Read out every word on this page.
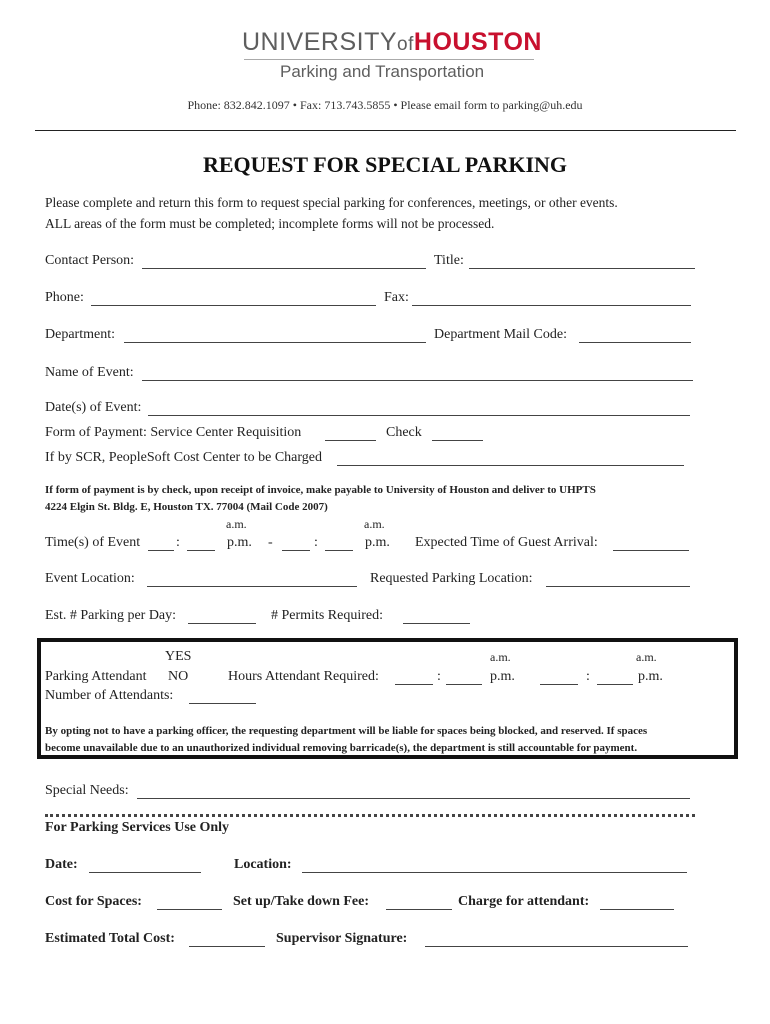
UNIVERSITYofHOUSTON
Parking and Transportation
Phone: 832.842.1097 • Fax: 713.743.5855 • Please email form to parking@uh.edu
REQUEST FOR SPECIAL PARKING
Please complete and return this form to request special parking for conferences, meetings, or other events.
ALL areas of the form must be completed; incomplete forms will not be processed.
Contact Person:	Title:
Phone:	Fax:
Department:	Department Mail Code:
Name of Event:
Date(s) of Event:
Form of Payment: Service Center Requisition	Check
If by SCR, PeopleSoft Cost Center to be Charged
If form of payment is by check, upon receipt of invoice, make payable to University of Houston and deliver to UHPTS
4224 Elgin St. Bldg. E, Houston TX. 77004 (Mail Code 2007)
a.m.	a.m.
Time(s) of Event	:	p.m. -	:	p.m. Expected Time of Guest Arrival:
Event Location:	Requested Parking Location:
Est. # Parking per Day:	# Permits Required:
YES	a.m.	a.m.
Parking Attendant NO	Hours Attendant Required:	:	p.m.	:	p.m.
Number of Attendants:
By opting not to have a parking officer, the requesting department will be liable for spaces being blocked, and reserved. If spaces
become unavailable due to an unauthorized individual removing barricade(s), the department is still accountable for payment.
Special Needs:
For Parking Services Use Only
Date:	Location:
Cost for Spaces:	Set up/Take down Fee:	Charge for attendant:
Estimated Total Cost:	Supervisor Signature:
